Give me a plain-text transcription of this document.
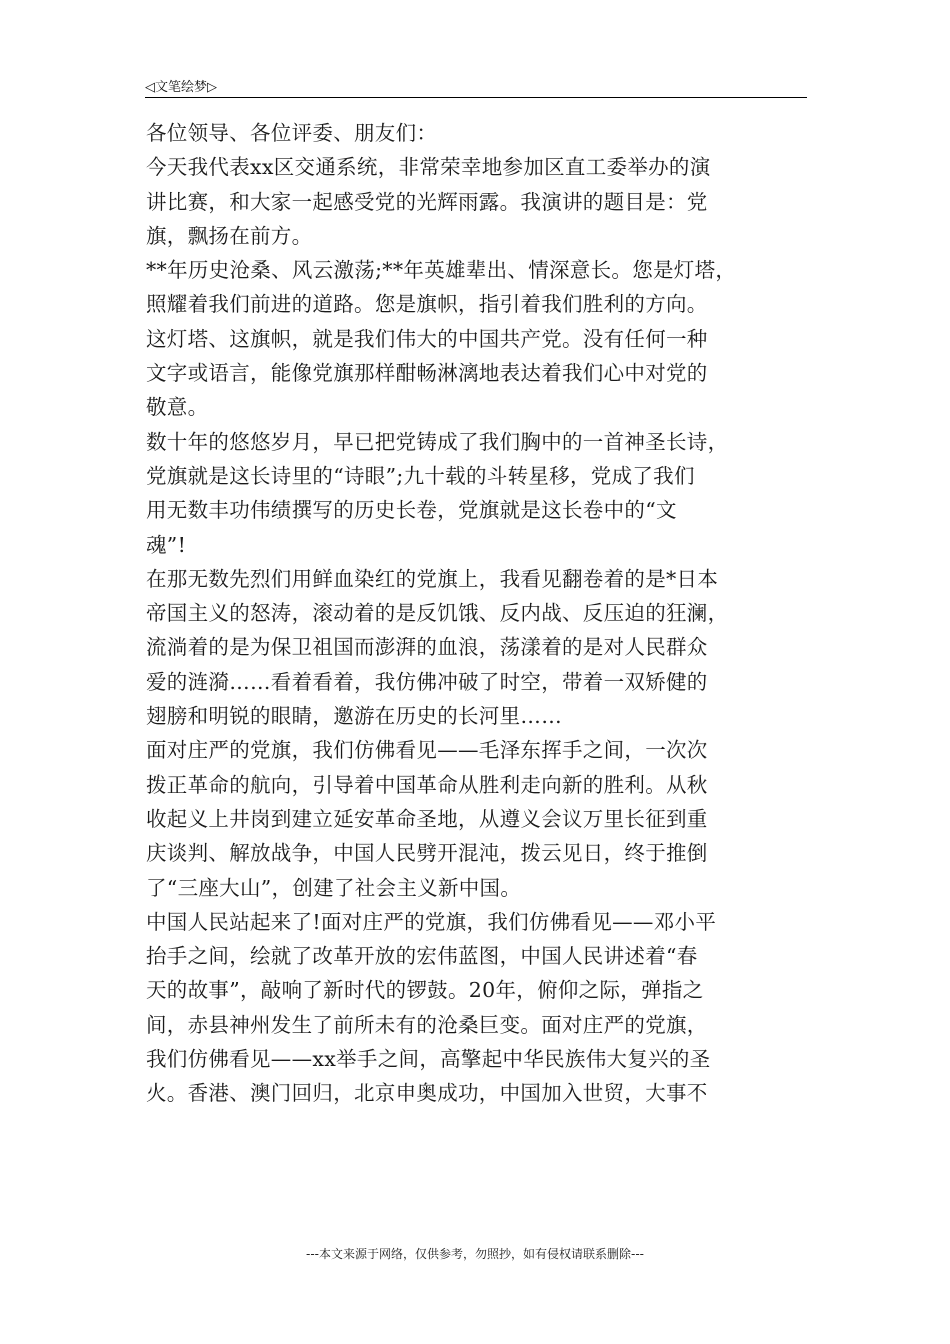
◁文笔绘梦▷
各位领导、各位评委、朋友们：
今天我代表xx区交通系统，非常荣幸地参加区直工委举办的演
讲比赛，和大家一起感受党的光辉雨露。我演讲的题目是：党
旗，飘扬在前方。
**年历史沧桑、风云激荡;**年英雄辈出、情深意长。您是灯塔，
照耀着我们前进的道路。您是旗帜，指引着我们胜利的方向。
这灯塔、这旗帜，就是我们伟大的中国共产党。没有任何一种
文字或语言，能像党旗那样酣畅淋漓地表达着我们心中对党的
敬意。
数十年的悠悠岁月，早已把党铸成了我们胸中的一首神圣长诗，
党旗就是这长诗里的“诗眼”;九十载的斗转星移，党成了我们
用无数丰功伟绩撰写的历史长卷，党旗就是这长卷中的“文
魂”!
在那无数先烈们用鲜血染红的党旗上，我看见翻卷着的是*日本
帝国主义的怒涛，滚动着的是反饥饿、反内战、反压迫的狂澜，
流淌着的是为保卫祖国而澎湃的血浪，荡漾着的是对人民群众
爱的涟漪……看着看着，我仿佛冲破了时空，带着一双矫健的
翅膀和明锐的眼睛，邀游在历史的长河里……
面对庄严的党旗，我们仿佛看见——毛泽东挥手之间，一次次
拨正革命的航向，引导着中国革命从胜利走向新的胜利。从秋
收起义上井岗到建立延安革命圣地，从遵义会议万里长征到重
庆谈判、解放战争，中国人民劈开混沌，拨云见日，终于推倒
了“三座大山”，创建了社会主义新中国。
中国人民站起来了!面对庄严的党旗，我们仿佛看见——邓小平
抬手之间，绘就了改革开放的宏伟蓝图，中国人民讲述着“春
天的故事”，敲响了新时代的锣鼓。20年，俯仰之际，弹指之
间，赤县神州发生了前所未有的沧桑巨变。面对庄严的党旗，
我们仿佛看见——xx举手之间，高擎起中华民族伟大复兴的圣
火。香港、澳门回归，北京申奥成功，中国加入世贸，大事不
---本文来源于网络，仅供参考，勿照抄，如有侵权请联系删除---
